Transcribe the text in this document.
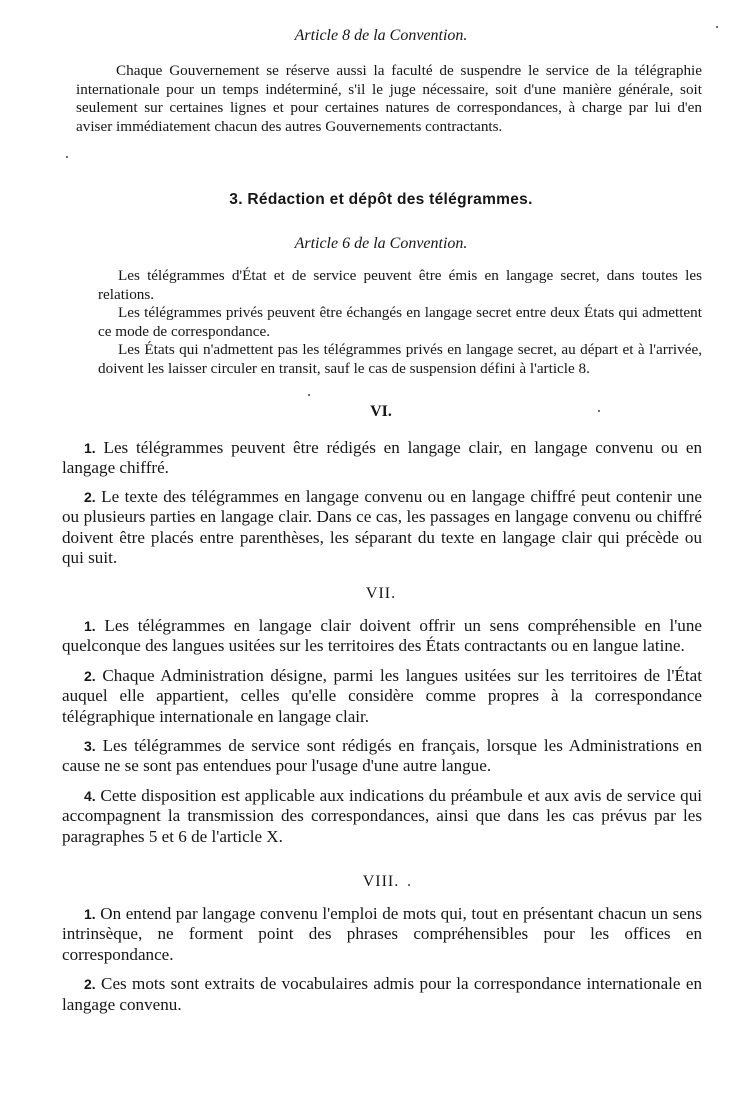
Article 8 de la Convention.

Chaque Gouvernement se réserve aussi la faculté de suspendre le service de la télégraphie internationale pour un temps indéterminé, s'il le juge nécessaire, soit d'une manière générale, soit seulement sur certaines lignes et pour certaines natures de correspondances, à charge par lui d'en aviser immédiatement chacun des autres Gouvernements contractants.

3. Rédaction et dépôt des télégrammes.

Article 6 de la Convention.

Les télégrammes d'État et de service peuvent être émis en langage secret, dans toutes les relations.

Les télégrammes privés peuvent être échangés en langage secret entre deux États qui admettent ce mode de correspondance.

Les États qui n'admettent pas les télégrammes privés en langage secret, au départ et à l'arrivée, doivent les laisser circuler en transit, sauf le cas de suspension défini à l'article 8.

VI.

1. Les télégrammes peuvent être rédigés en langage clair, en langage convenu ou en langage chiffré.

2. Le texte des télégrammes en langage convenu ou en langage chiffré peut contenir une ou plusieurs parties en langage clair. Dans ce cas, les passages en langage convenu ou chiffré doivent être placés entre parenthèses, les séparant du texte en langage clair qui précède ou qui suit.

VII.

1. Les télégrammes en langage clair doivent offrir un sens compréhensible en l'une quelconque des langues usitées sur les territoires des États contractants ou en langue latine.

2. Chaque Administration désigne, parmi les langues usitées sur les territoires de l'État auquel elle appartient, celles qu'elle considère comme propres à la correspondance télégraphique internationale en langage clair.

3. Les télégrammes de service sont rédigés en français, lorsque les Administrations en cause ne se sont pas entendues pour l'usage d'une autre langue.

4. Cette disposition est applicable aux indications du préambule et aux avis de service qui accompagnent la transmission des correspondances, ainsi que dans les cas prévus par les paragraphes 5 et 6 de l'article X.

VIII.

1. On entend par langage convenu l'emploi de mots qui, tout en présentant chacun un sens intrinsèque, ne forment point des phrases compréhensibles pour les offices en correspondance.

2. Ces mots sont extraits de vocabulaires admis pour la correspondance internationale en langage convenu.
